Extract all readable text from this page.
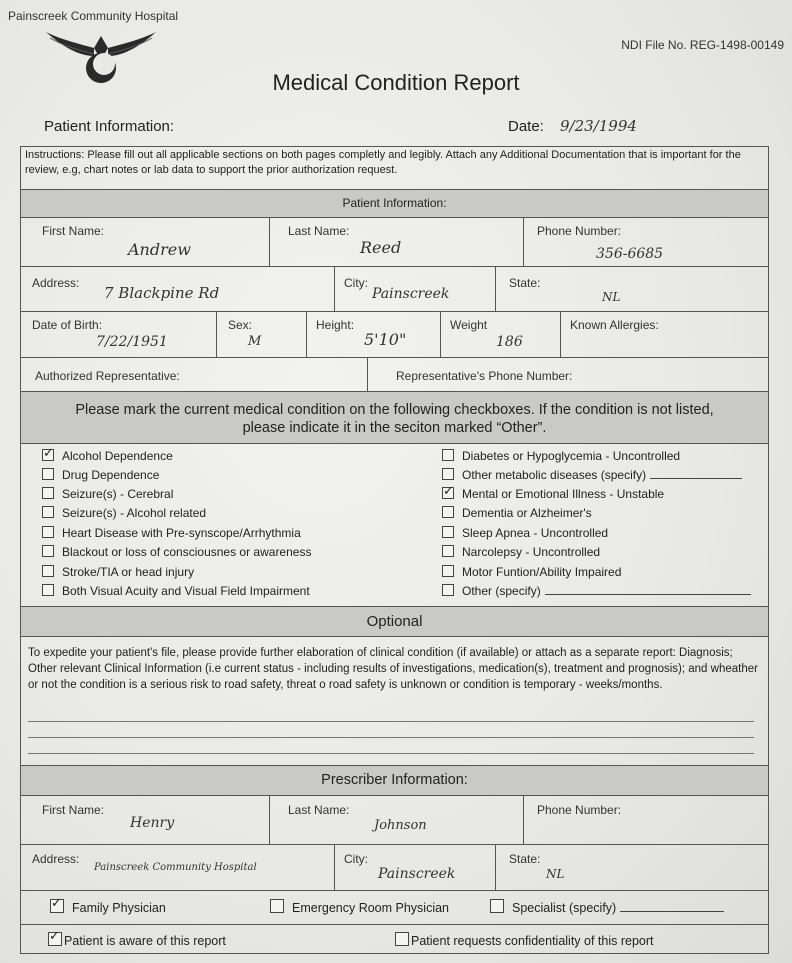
Painscreek Community Hospital
NDI File No. REG-1498-00149
Medical Condition Report
Patient Information:	Date: 9/23/1994
Instructions: Please fill out all applicable sections on both pages completly and legibly. Attach any Additional Documentation that is important for the review, e.g, chart notes or lab data to support the prior authorization request.
Patient Information:
First Name:
Andrew
Last Name:
Reed
Phone Number:
356-6685
Address:
7 Blackpine Rd
City:
Painscreek
State:
NL
Date of Birth:
7/22/1951
Sex:
M
Height:
5'10"
Weight
186
Known Allergies:
Authorized Representative:	Representative's Phone Number:
Please mark the current medical condition on the following checkboxes. If the condition is not listed,
please indicate it in the seciton marked “Other”.
✓Alcohol Dependence
Drug Dependence
Seizure(s) - Cerebral
Seizure(s) - Alcohol related
Heart Disease with Pre-synscope/Arrhythmia
Blackout or loss of consciousnes or awareness
Stroke/TIA or head injury
Both Visual Acuity and Visual Field Impairment
Diabetes or Hypoglycemia - Uncontrolled
Other metabolic diseases (specify)
✓Mental or Emotional Illness - Unstable
Dementia or Alzheimer's
Sleep Apnea - Uncontrolled
Narcolepsy - Uncontrolled
Motor Funtion/Ability Impaired
Other (specify)
Optional
To expedite your patient's file, please provide further elaboration of clinical condition (if available) or attach as a separate report: Diagnosis; Other relevant Clinical Information (i.e current status - including results of investigations, medication(s), treatment and prognosis); and wheather or not the condition is a serious risk to road safety, threat o road safety is unknown or condition is temporary - weeks/months.
Prescriber Information:
First Name:
Henry
Last Name:
Johnson
Phone Number:
Address:
Painscreek Community Hospital
City:
Painscreek
State:
NL
✓Family Physician	Emergency Room Physician	Specialist (specify)
✓Patient is aware of this report	Patient requests confidentiality of this report
